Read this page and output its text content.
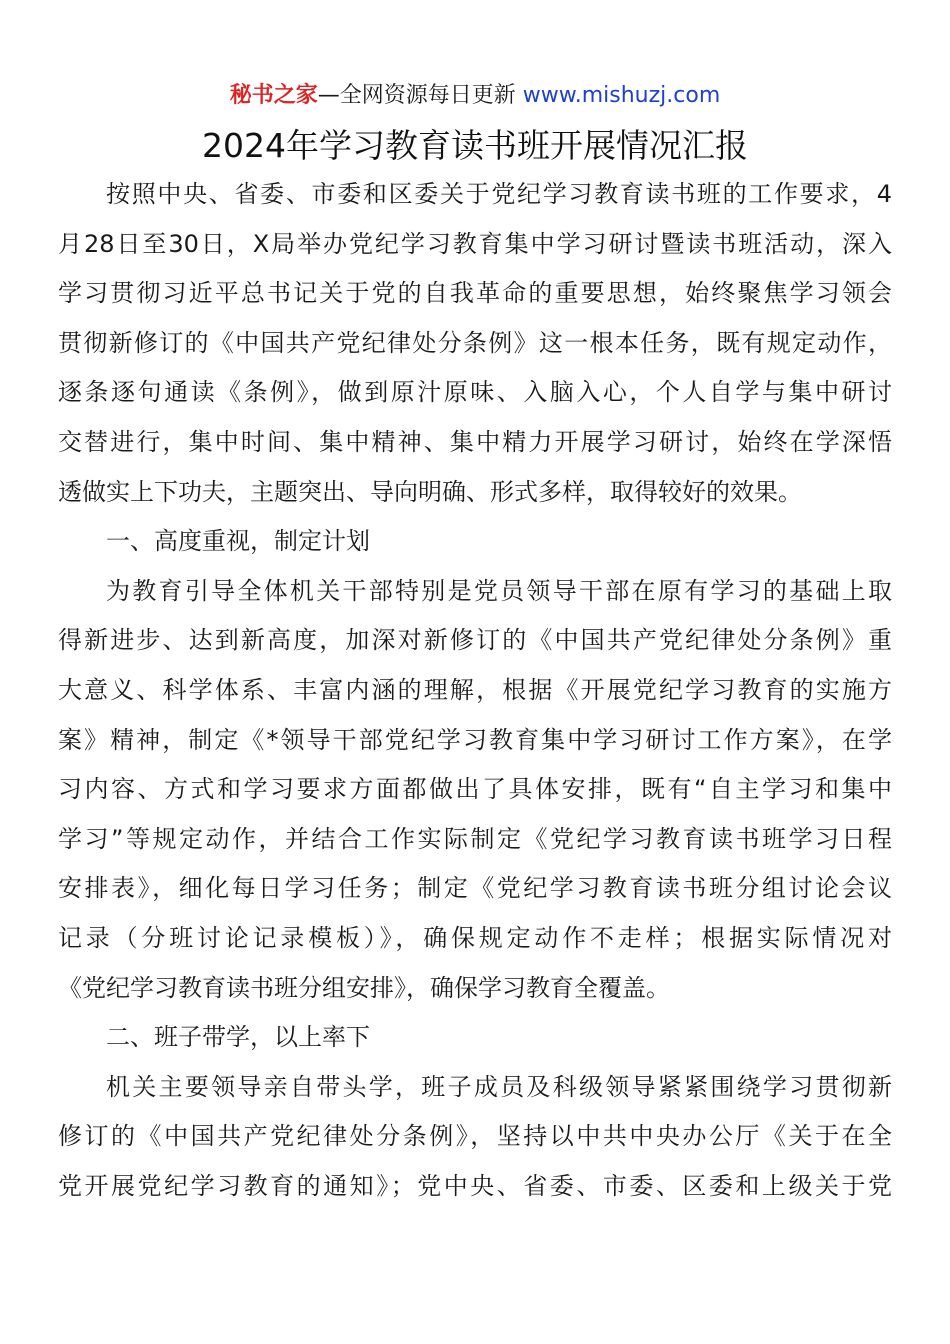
秘书之家—全网资源每日更新 www.mishuzj.com
2024年学习教育读书班开展情况汇报
按照中央、省委、市委和区委关于党纪学习教育读书班的工作要求，4
月28日至30日，X局举办党纪学习教育集中学习研讨暨读书班活动，深入
学习贯彻习近平总书记关于党的自我革命的重要思想，始终聚焦学习领会
贯彻新修订的《中国共产党纪律处分条例》这一根本任务，既有规定动作，
逐条逐句通读《条例》，做到原汁原味、入脑入心，个人自学与集中研讨
交替进行，集中时间、集中精神、集中精力开展学习研讨，始终在学深悟
透做实上下功夫，主题突出、导向明确、形式多样，取得较好的效果。
一、高度重视，制定计划
为教育引导全体机关干部特别是党员领导干部在原有学习的基础上取
得新进步、达到新高度，加深对新修订的《中国共产党纪律处分条例》重
大意义、科学体系、丰富内涵的理解，根据《开展党纪学习教育的实施方
案》精神，制定《*领导干部党纪学习教育集中学习研讨工作方案》，在学
习内容、方式和学习要求方面都做出了具体安排，既有“自主学习和集中
学习”等规定动作，并结合工作实际制定《党纪学习教育读书班学习日程
安排表》，细化每日学习任务；制定《党纪学习教育读书班分组讨论会议
记录（分班讨论记录模板）》，确保规定动作不走样；根据实际情况对
《党纪学习教育读书班分组安排》，确保学习教育全覆盖。
二、班子带学，以上率下
机关主要领导亲自带头学，班子成员及科级领导紧紧围绕学习贯彻新
修订的《中国共产党纪律处分条例》，坚持以中共中央办公厅《关于在全
党开展党纪学习教育的通知》；党中央、省委、市委、区委和上级关于党
